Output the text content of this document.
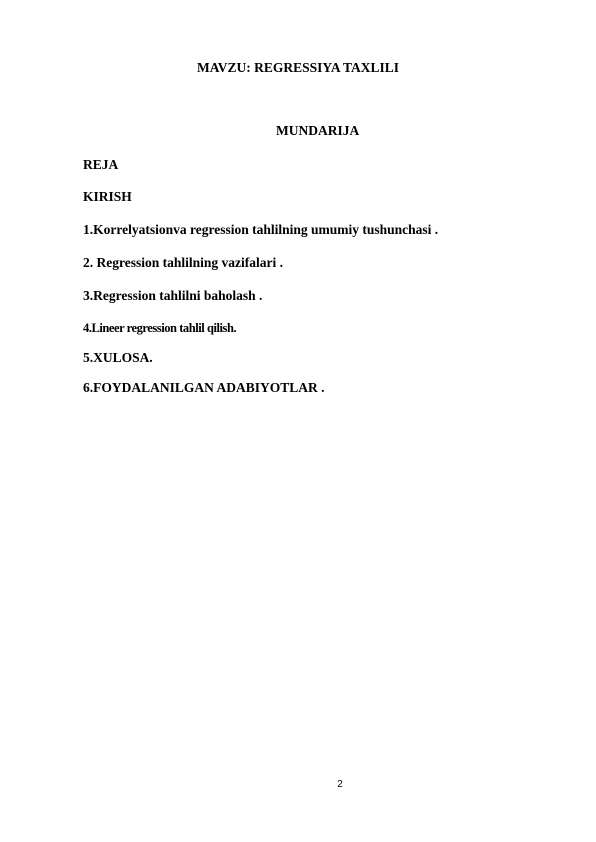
MAVZU: REGRESSIYA TAXLILI

MUNDARIJA

REJA

KIRISH

1.Korrelyatsionva regression tahlilning umumiy tushunchasi .

2. Regression tahlilning vazifalari .

3.Regression tahlilni baholash .

4.Lineer regression tahlil qilish.

5.XULOSA.

6.FOYDALANILGAN ADABIYOTLAR .

2
